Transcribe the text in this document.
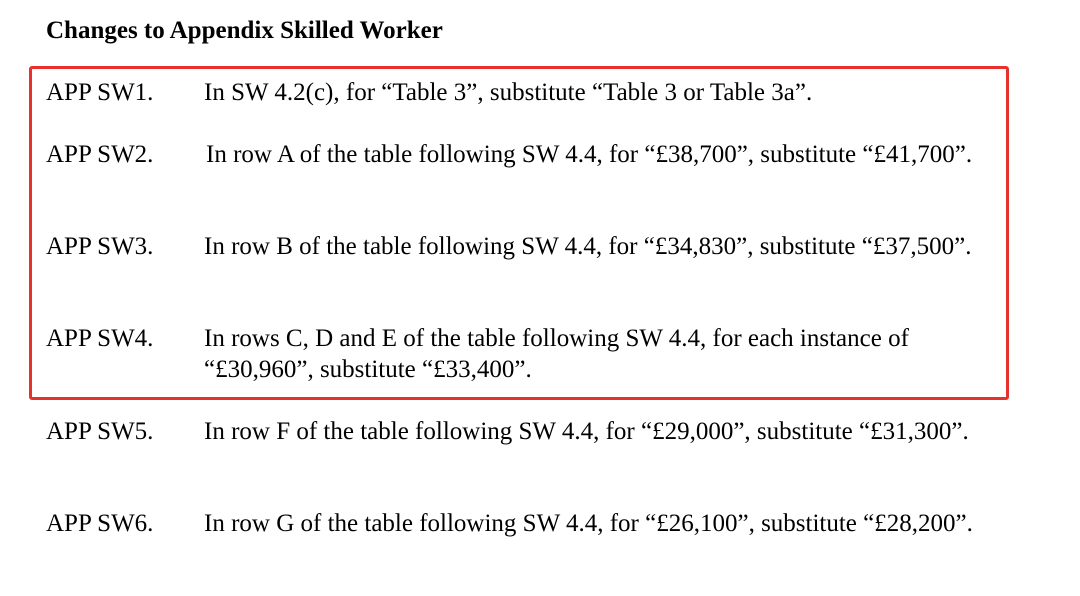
Changes to Appendix Skilled Worker
APP SW1. In SW 4.2(c), for “Table 3”, substitute “Table 3 or Table 3a”.
APP SW2. In row A of the table following SW 4.4, for “£38,700”, substitute “£41,700”.
APP SW3. In row B of the table following SW 4.4, for “£34,830”, substitute “£37,500”.
APP SW4. In rows C, D and E of the table following SW 4.4, for each instance of “£30,960”, substitute “£33,400”.
APP SW5. In row F of the table following SW 4.4, for “£29,000”, substitute “£31,300”.
APP SW6. In row G of the table following SW 4.4, for “£26,100”, substitute “£28,200”.
